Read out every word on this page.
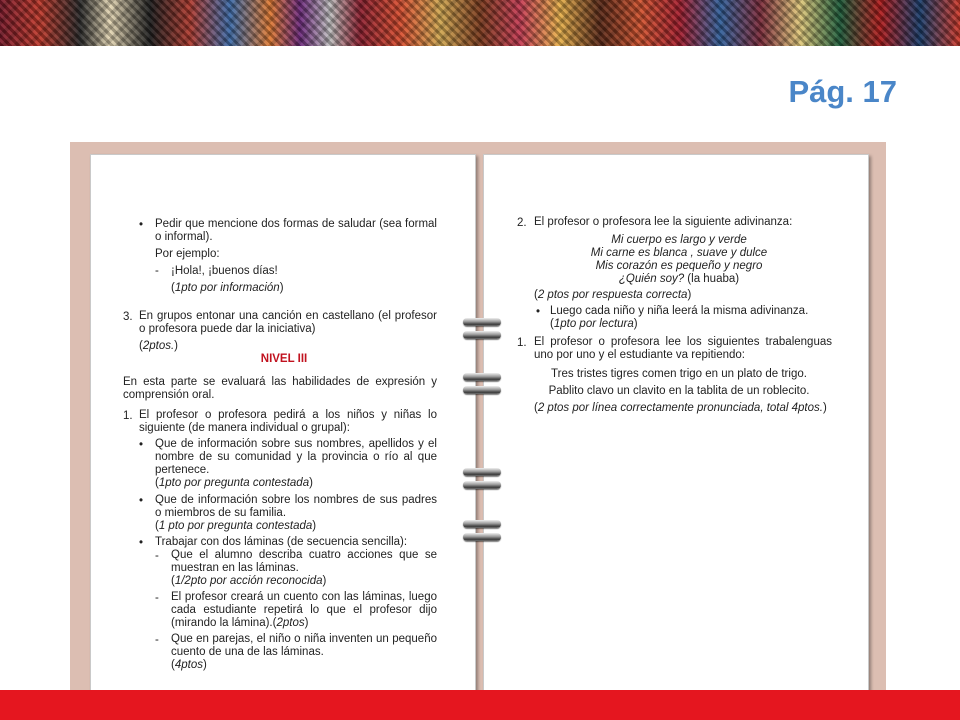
Pág. 17
• Pedir que mencione dos formas de saludar (sea formal o informal).
Por ejemplo:
- ¡Hola!, ¡buenos días!
(1pto por información)
3. En grupos entonar una canción en castellano (el profesor o profesora puede dar la iniciativa)
(2ptos.)
NIVEL III
En esta parte se evaluará las habilidades de expresión y comprensión oral.
1. El profesor o profesora pedirá a los niños y niñas lo siguiente (de manera individual o grupal):
• Que de información sobre sus nombres, apellidos y el nombre de su comunidad y la provincia o río al que pertenece.
(1pto por pregunta contestada)
• Que de información sobre los nombres de sus padres o miembros de su familia.
(1 pto por pregunta contestada)
• Trabajar con dos láminas (de secuencia sencilla):
- Que el alumno describa cuatro acciones que se muestran en las láminas.
(1/2pto por acción reconocida)
- El profesor creará un cuento con las láminas, luego cada estudiante repetirá lo que el profesor dijo (mirando la lámina).(2ptos)
- Que en parejas, el niño o niña inventen un pequeño cuento de una de las láminas.
(4ptos)
2. El profesor o profesora lee la siguiente adivinanza:
Mi cuerpo es largo y verde
Mi carne es blanca , suave y dulce
Mis corazón es pequeño y negro
¿Quién soy? (la huaba)
(2 ptos por respuesta correcta)
• Luego cada niño y niña leerá la misma adivinanza.
(1pto por lectura)
1. El profesor o profesora lee los siguientes trabalenguas uno por uno y el estudiante va repitiendo:
Tres tristes tigres comen trigo en un plato de trigo.
Pablito clavo un clavito en la tablita de un roblecito.
(2 ptos por línea correctamente pronunciada, total 4ptos.)
